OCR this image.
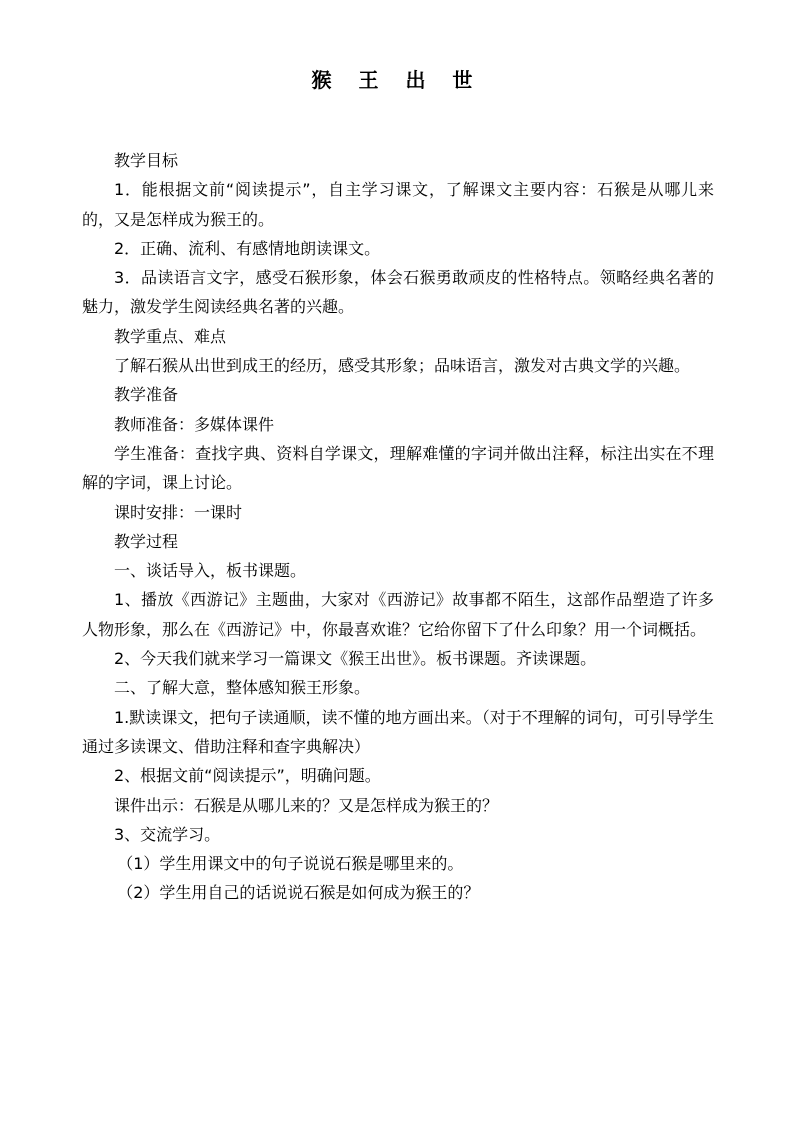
猴 王 出 世

教学目标

1．能根据文前“阅读提示”，自主学习课文，了解课文主要内容：石猴是从哪儿来的，又是怎样成为猴王的。

2．正确、流利、有感情地朗读课文。

3．品读语言文字，感受石猴形象，体会石猴勇敢顽皮的性格特点。领略经典名著的魅力，激发学生阅读经典名著的兴趣。

教学重点、难点

了解石猴从出世到成王的经历，感受其形象；品味语言，激发对古典文学的兴趣。

教学准备

教师准备：多媒体课件

学生准备：查找字典、资料自学课文，理解难懂的字词并做出注释，标注出实在不理解的字词，课上讨论。

课时安排：一课时

教学过程

一、谈话导入，板书课题。

1、播放《西游记》主题曲，大家对《西游记》故事都不陌生，这部作品塑造了许多人物形象，那么在《西游记》中，你最喜欢谁？它给你留下了什么印象？用一个词概括。

2、今天我们就来学习一篇课文《猴王出世》。板书课题。齐读课题。

二、了解大意，整体感知猴王形象。

1.默读课文，把句子读通顺，读不懂的地方画出来。（对于不理解的词句，可引导学生通过多读课文、借助注释和查字典解决）

2、根据文前“阅读提示”，明确问题。

课件出示：石猴是从哪儿来的？又是怎样成为猴王的？

3、交流学习。

（1）学生用课文中的句子说说石猴是哪里来的。

（2）学生用自己的话说说石猴是如何成为猴王的？
